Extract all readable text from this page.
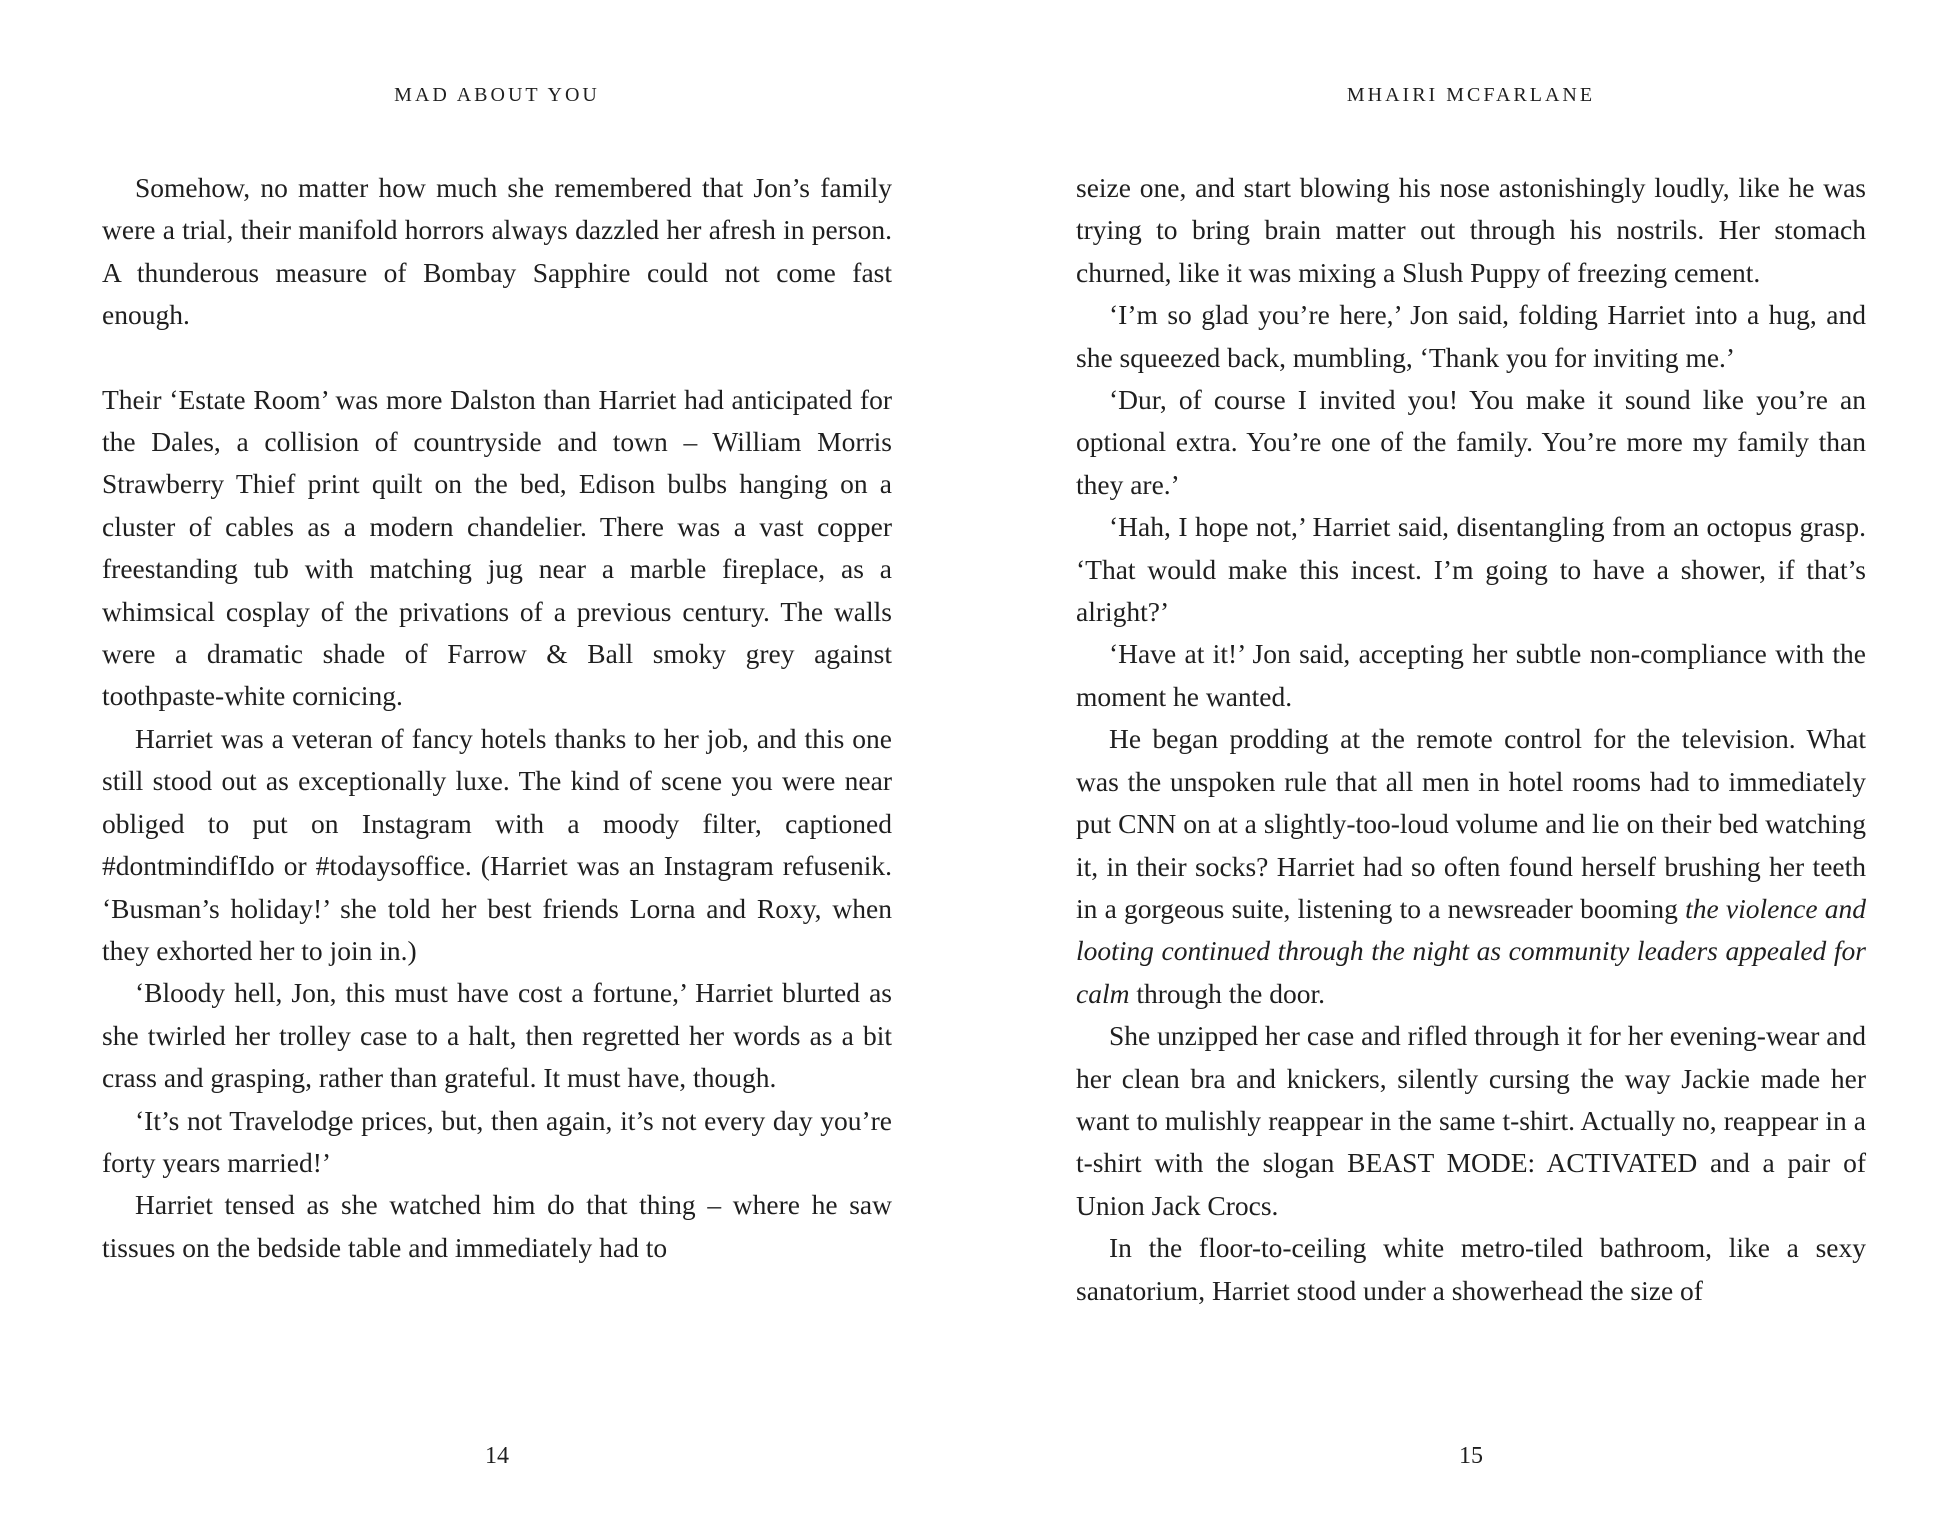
MAD ABOUT YOU

Somehow, no matter how much she remembered that Jon’s family were a trial, their manifold horrors always dazzled her afresh in person. A thunderous measure of Bombay Sapphire could not come fast enough.

Their ‘Estate Room’ was more Dalston than Harriet had anticipated for the Dales, a collision of countryside and town – William Morris Strawberry Thief print quilt on the bed, Edison bulbs hanging on a cluster of cables as a modern chandelier. There was a vast copper freestanding tub with matching jug near a marble fireplace, as a whimsical cosplay of the privations of a previous century. The walls were a dramatic shade of Farrow & Ball smoky grey against toothpaste-white cornicing.

Harriet was a veteran of fancy hotels thanks to her job, and this one still stood out as exceptionally luxe. The kind of scene you were near obliged to put on Instagram with a moody filter, captioned #dontmindifIdo or #todaysoffice. (Harriet was an Instagram refusenik. ‘Busman’s holiday!’ she told her best friends Lorna and Roxy, when they exhorted her to join in.)

‘Bloody hell, Jon, this must have cost a fortune,’ Harriet blurted as she twirled her trolley case to a halt, then regretted her words as a bit crass and grasping, rather than grateful. It must have, though.

‘It’s not Travelodge prices, but, then again, it’s not every day you’re forty years married!’

Harriet tensed as she watched him do that thing – where he saw tissues on the bedside table and immediately had to

14
MHAIRI MCFARLANE

seize one, and start blowing his nose astonishingly loudly, like he was trying to bring brain matter out through his nostrils. Her stomach churned, like it was mixing a Slush Puppy of freezing cement.

‘I’m so glad you’re here,’ Jon said, folding Harriet into a hug, and she squeezed back, mumbling, ‘Thank you for inviting me.’

‘Dur, of course I invited you! You make it sound like you’re an optional extra. You’re one of the family. You’re more my family than they are.’

‘Hah, I hope not,’ Harriet said, disentangling from an octopus grasp. ‘That would make this incest. I’m going to have a shower, if that’s alright?’

‘Have at it!’ Jon said, accepting her subtle non-compliance with the moment he wanted.

He began prodding at the remote control for the television. What was the unspoken rule that all men in hotel rooms had to immediately put CNN on at a slightly-too-loud volume and lie on their bed watching it, in their socks? Harriet had so often found herself brushing her teeth in a gorgeous suite, listening to a newsreader booming the violence and looting continued through the night as community leaders appealed for calm through the door.

She unzipped her case and rifled through it for her evening-wear and her clean bra and knickers, silently cursing the way Jackie made her want to mulishly reappear in the same t-shirt. Actually no, reappear in a t-shirt with the slogan BEAST MODE: ACTIVATED and a pair of Union Jack Crocs.

In the floor-to-ceiling white metro-tiled bathroom, like a sexy sanatorium, Harriet stood under a showerhead the size of

15
